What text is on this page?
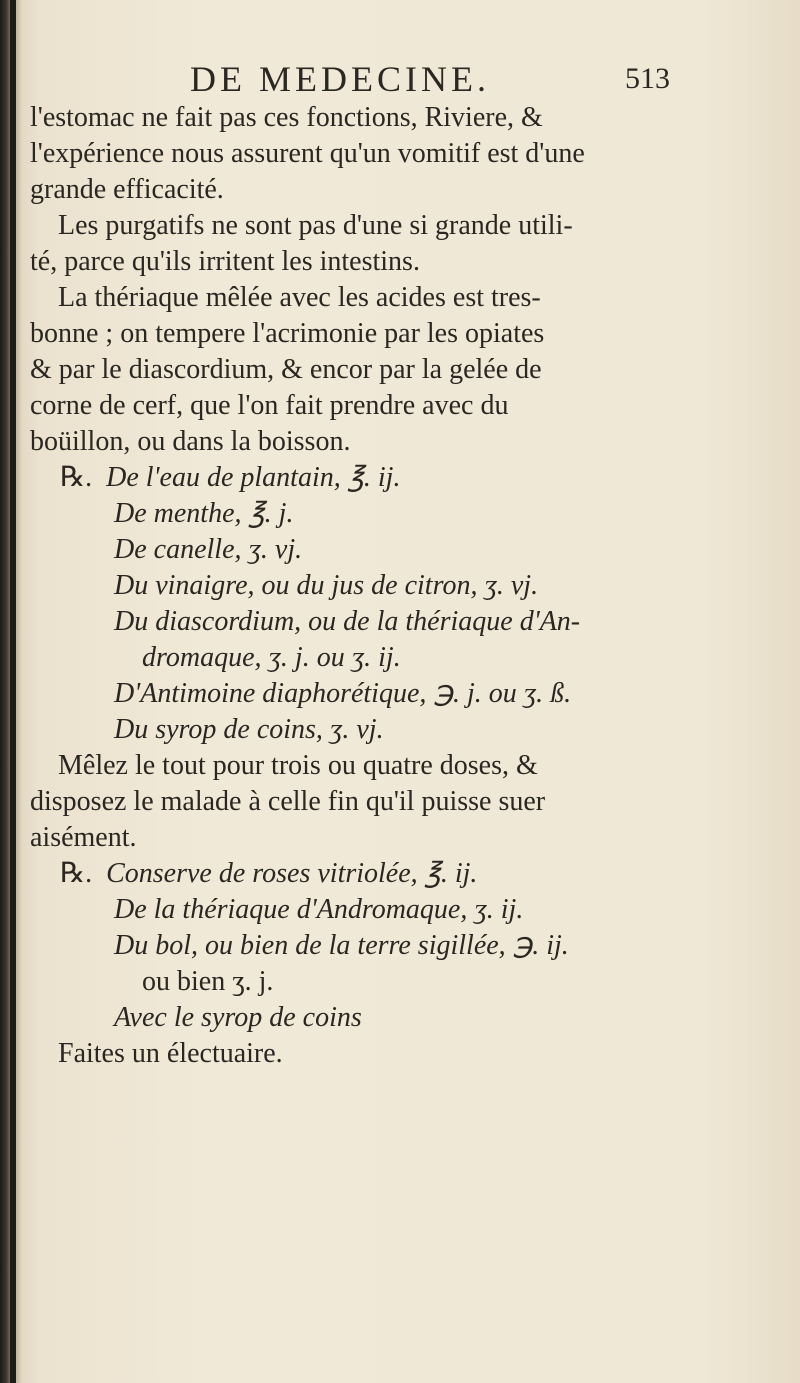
DE MEDECINE.	513
l'estomac ne fait pas ces fonctions, Riviere, &
l'expérience nous assurent qu'un vomitif est d'une
grande efficacité.
Les purgatifs ne sont pas d'une si grande utili-
té, parce qu'ils irritent les intestins.
La thériaque mêlée avec les acides est tres-
bonne ; on tempere l'acrimonie par les opiates
& par le diascordium, & encor par la gelée de
corne de cerf, que l'on fait prendre avec du
boüillon, ou dans la boisson.
℞. De l'eau de plantain, ℥. ij.
De menthe, ℥. j.
De canelle, ʒ. vj.
Du vinaigre, ou du jus de citron, ʒ. vj.
Du diascordium, ou de la thériaque d'An-
dromaque, ʒ. j. ou ʒ. ij.
D'Antimoine diaphorétique, ℈. j. ou ʒ. ß.
Du syrop de coins, ʒ. vj.
Mêlez le tout pour trois ou quatre doses, &
disposez le malade à celle fin qu'il puisse suer
aisément.
℞. Conserve de roses vitriolée, ℥. ij.
De la thériaque d'Andromaque, ʒ. ij.
Du bol, ou bien de la terre sigillée, ℈. ij.
ou bien ʒ. j.
Avec le syrop de coins
Faites un électuaire.
